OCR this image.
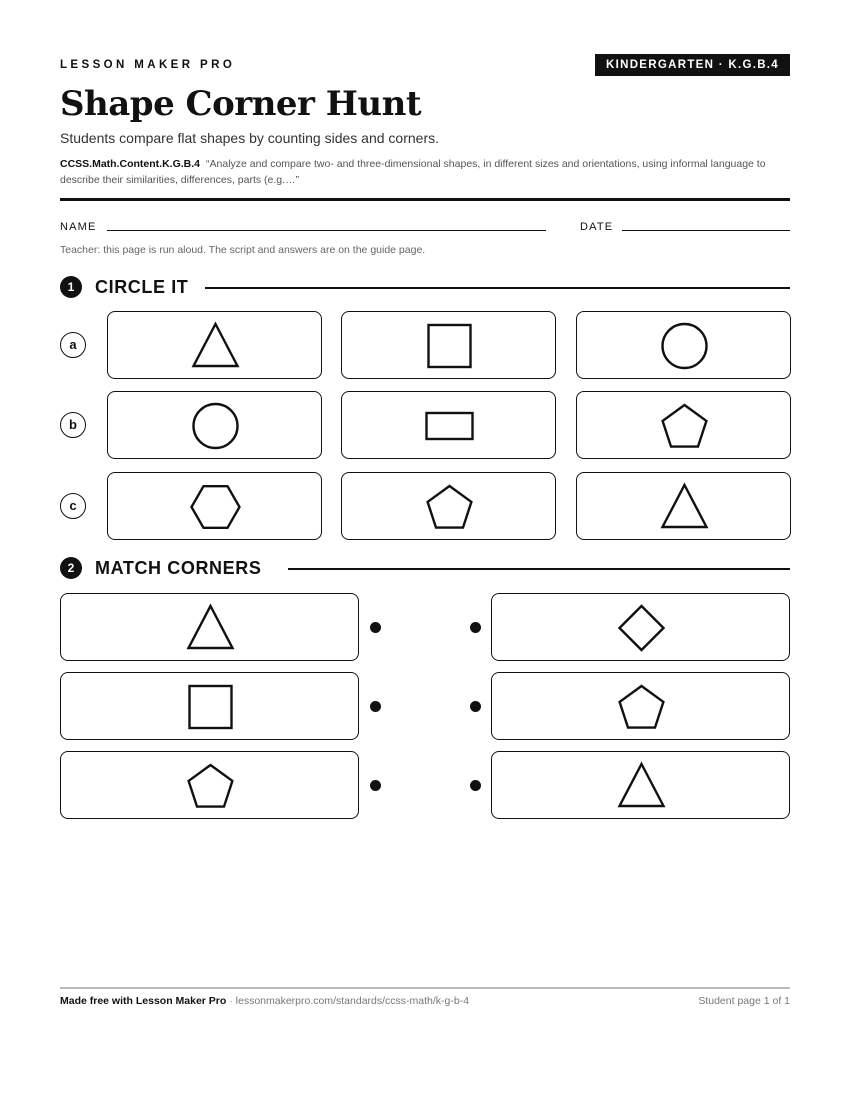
LESSON MAKER PRO	KINDERGARTEN · K.G.B.4
Shape Corner Hunt
Students compare flat shapes by counting sides and corners.
CCSS.Math.Content.K.G.B.4 “Analyze and compare two- and three-dimensional shapes, in different sizes and orientations, using informal language to describe their similarities, differences, parts (e.g.…”
NAME	DATE
Teacher: this page is run aloud. The script and answers are on the guide page.
1	CIRCLE IT
a
b
c
2	MATCH CORNERS
Made free with Lesson Maker Pro · lessonmakerpro.com/standards/ccss-math/k-g-b-4	Student page 1 of 1
